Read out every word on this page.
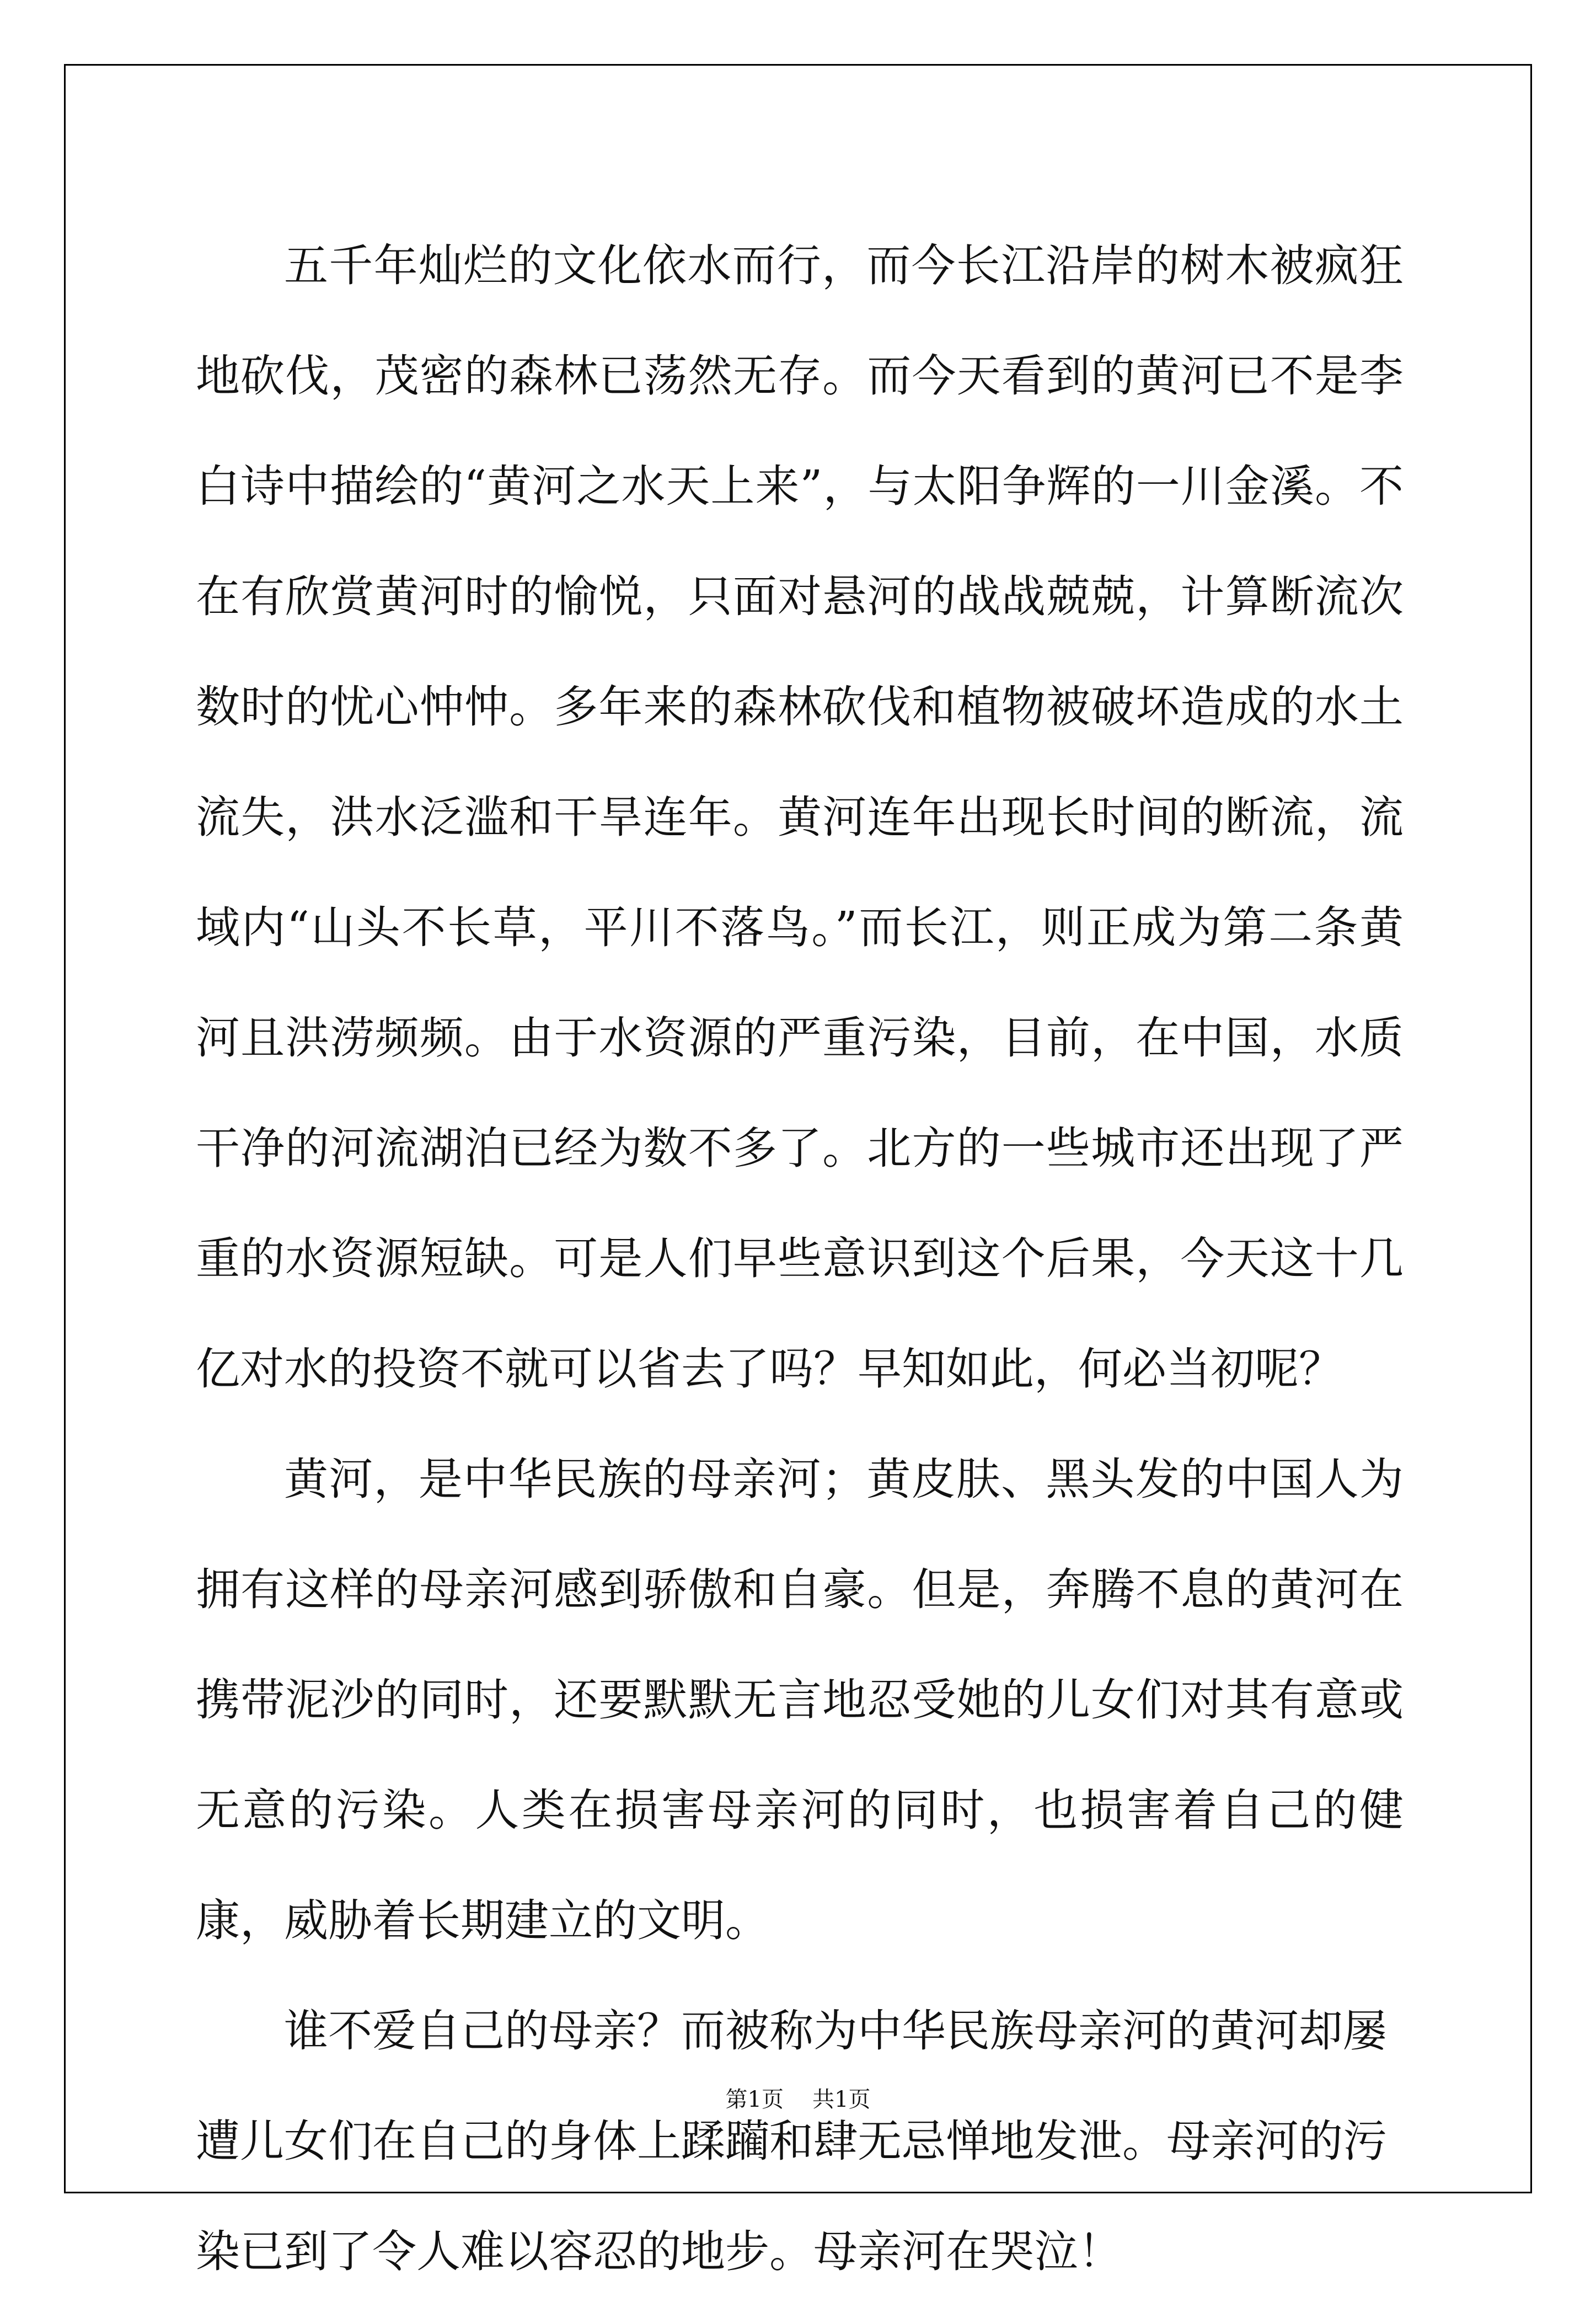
五千年灿烂的文化依水而行，而今长江沿岸的树木被疯狂地砍伐，茂密的森林已荡然无存。而今天看到的黄河已不是李白诗中描绘的“黄河之水天上来”，与太阳争辉的一川金溪。不在有欣赏黄河时的愉悦，只面对悬河的战战兢兢，计算断流次数时的忧心忡忡。多年来的森林砍伐和植物被破坏造成的水土流失，洪水泛滥和干旱连年。黄河连年出现长时间的断流，流域内“山头不长草，平川不落鸟。”而长江，则正成为第二条黄河且洪涝频频。由于水资源的严重污染，目前，在中国，水质干净的河流湖泊已经为数不多了。北方的一些城市还出现了严重的水资源短缺。可是人们早些意识到这个后果，今天这十几亿对水的投资不就可以省去了吗？早知如此，何必当初呢？

黄河，是中华民族的母亲河；黄皮肤、黑头发的中国人为拥有这样的母亲河感到骄傲和自豪。但是，奔腾不息的黄河在携带泥沙的同时，还要默默无言地忍受她的儿女们对其有意或无意的污染。人类在损害母亲河的同时，也损害着自己的健康，威胁着长期建立的文明。

谁不爱自己的母亲？而被称为中华民族母亲河的黄河却屡遭儿女们在自己的身体上蹂躏和肆无忌惮地发泄。母亲河的污染已到了令人难以容忍的地步。母亲河在哭泣！

第1页 共1页
